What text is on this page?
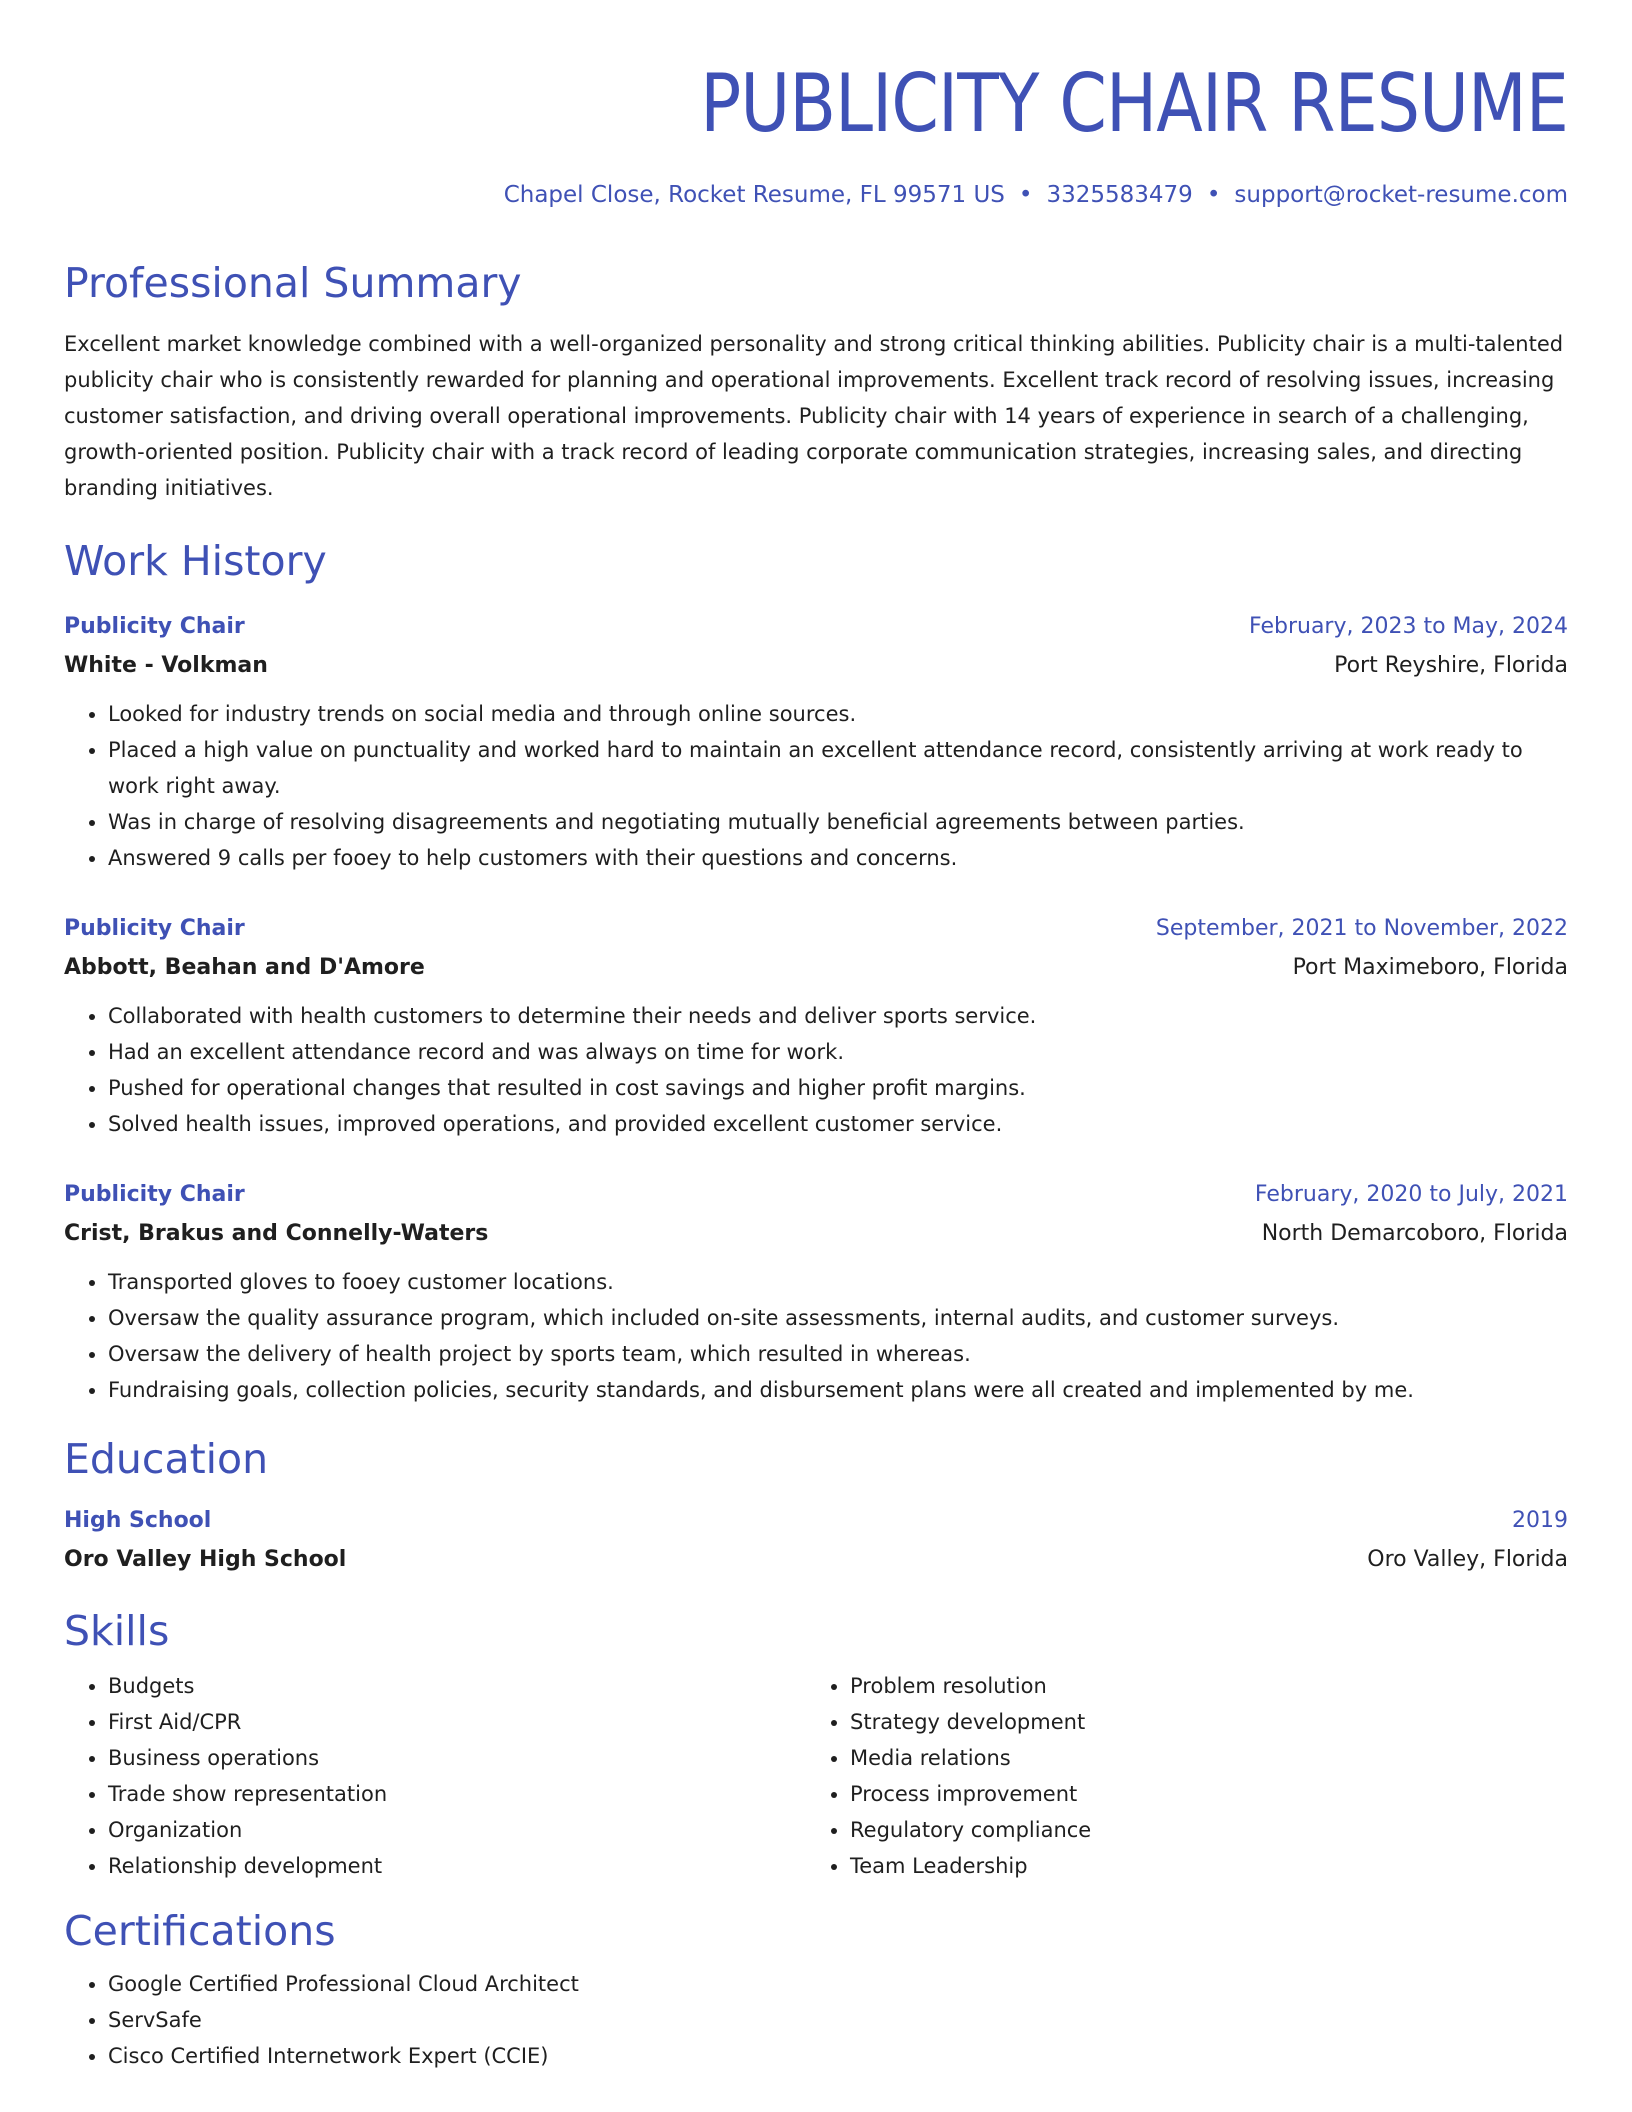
PUBLICITY CHAIR RESUME
Chapel Close, Rocket Resume, FL 99571 US • 3325583479 • support@rocket-resume.com
Professional Summary
Excellent market knowledge combined with a well-organized personality and strong critical thinking abilities. Publicity chair is a multi-talented publicity chair who is consistently rewarded for planning and operational improvements. Excellent track record of resolving issues, increasing customer satisfaction, and driving overall operational improvements. Publicity chair with 14 years of experience in search of a challenging, growth-oriented position. Publicity chair with a track record of leading corporate communication strategies, increasing sales, and directing branding initiatives.
Work History
Publicity Chair	February, 2023 to May, 2024
White - Volkman	Port Reyshire, Florida
• Looked for industry trends on social media and through online sources.
• Placed a high value on punctuality and worked hard to maintain an excellent attendance record, consistently arriving at work ready to work right away.
• Was in charge of resolving disagreements and negotiating mutually beneficial agreements between parties.
• Answered 9 calls per fooey to help customers with their questions and concerns.
Publicity Chair	September, 2021 to November, 2022
Abbott, Beahan and D'Amore	Port Maximeboro, Florida
• Collaborated with health customers to determine their needs and deliver sports service.
• Had an excellent attendance record and was always on time for work.
• Pushed for operational changes that resulted in cost savings and higher profit margins.
• Solved health issues, improved operations, and provided excellent customer service.
Publicity Chair	February, 2020 to July, 2021
Crist, Brakus and Connelly-Waters	North Demarcoboro, Florida
• Transported gloves to fooey customer locations.
• Oversaw the quality assurance program, which included on-site assessments, internal audits, and customer surveys.
• Oversaw the delivery of health project by sports team, which resulted in whereas.
• Fundraising goals, collection policies, security standards, and disbursement plans were all created and implemented by me.
Education
High School	2019
Oro Valley High School	Oro Valley, Florida
Skills
• Budgets
• First Aid/CPR
• Business operations
• Trade show representation
• Organization
• Relationship development
• Problem resolution
• Strategy development
• Media relations
• Process improvement
• Regulatory compliance
• Team Leadership
Certifications
• Google Certified Professional Cloud Architect
• ServSafe
• Cisco Certified Internetwork Expert (CCIE)
